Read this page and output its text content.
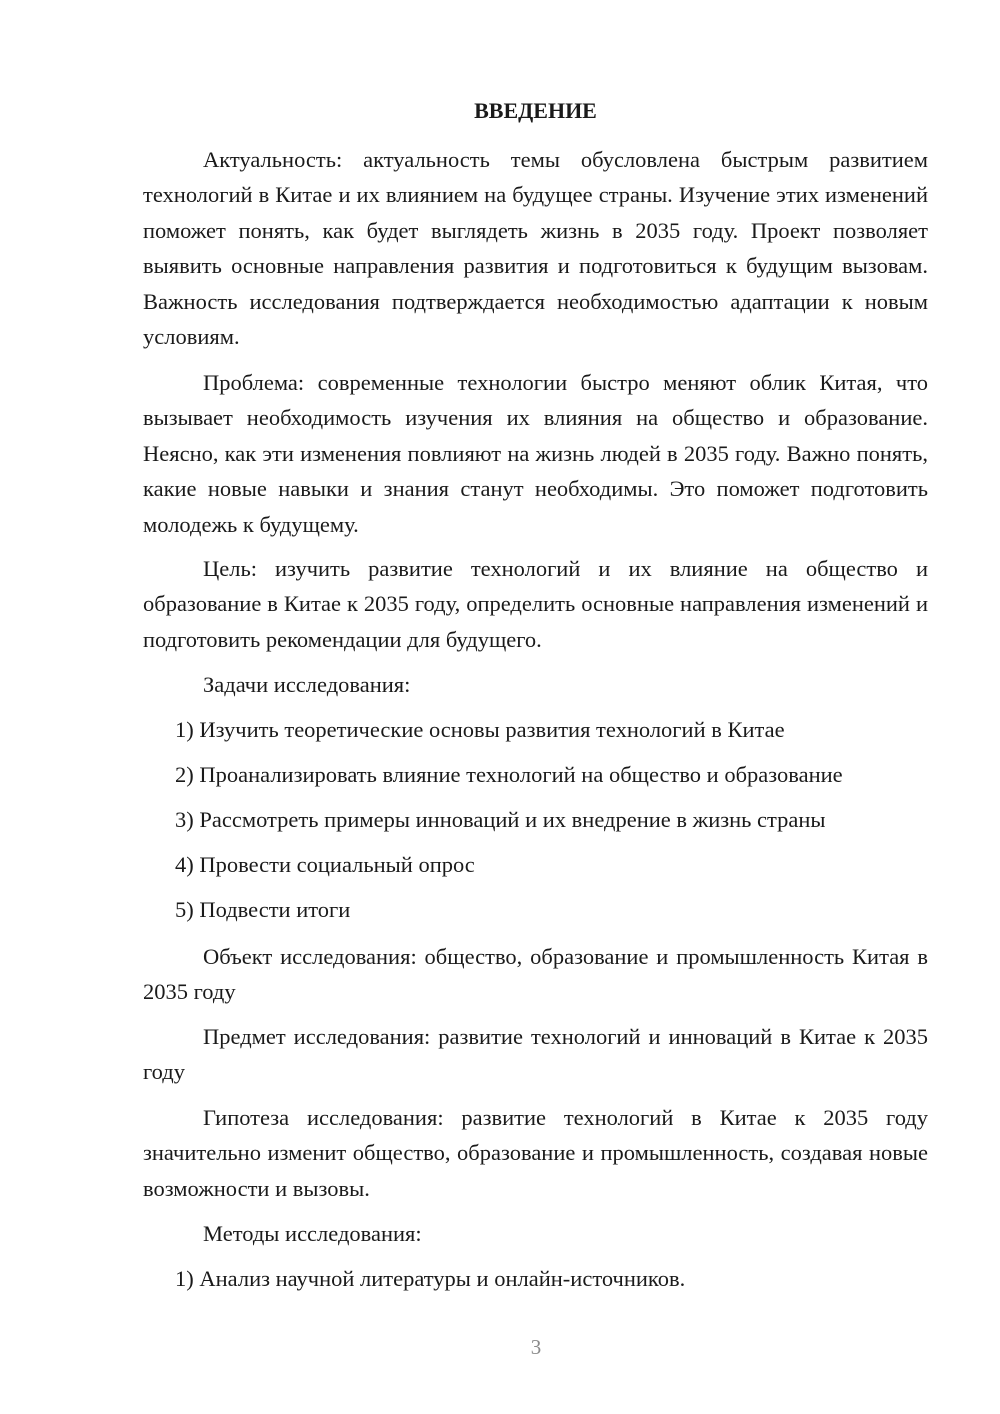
ВВЕДЕНИЕ

Актуальность: актуальность темы обусловлена быстрым развитием технологий в Китае и их влиянием на будущее страны. Изучение этих изменений поможет понять, как будет выглядеть жизнь в 2035 году. Проект позволяет выявить основные направления развития и подготовиться к будущим вызовам. Важность исследования подтверждается необходимостью адаптации к новым условиям.

Проблема: современные технологии быстро меняют облик Китая, что вызывает необходимость изучения их влияния на общество и образование. Неясно, как эти изменения повлияют на жизнь людей в 2035 году. Важно понять, какие новые навыки и знания станут необходимы. Это поможет подготовить молодежь к будущему.

Цель: изучить развитие технологий и их влияние на общество и образование в Китае к 2035 году, определить основные направления изменений и подготовить рекомендации для будущего.

Задачи исследования:

1) Изучить теоретические основы развития технологий в Китае

2) Проанализировать влияние технологий на общество и образование

3) Рассмотреть примеры инноваций и их внедрение в жизнь страны

4) Провести социальный опрос

5) Подвести итоги

Объект исследования: общество, образование и промышленность Китая в 2035 году

Предмет исследования: развитие технологий и инноваций в Китае к 2035 году

Гипотеза исследования: развитие технологий в Китае к 2035 году значительно изменит общество, образование и промышленность, создавая новые возможности и вызовы.

Методы исследования:

1) Анализ научной литературы и онлайн-источников.

3
